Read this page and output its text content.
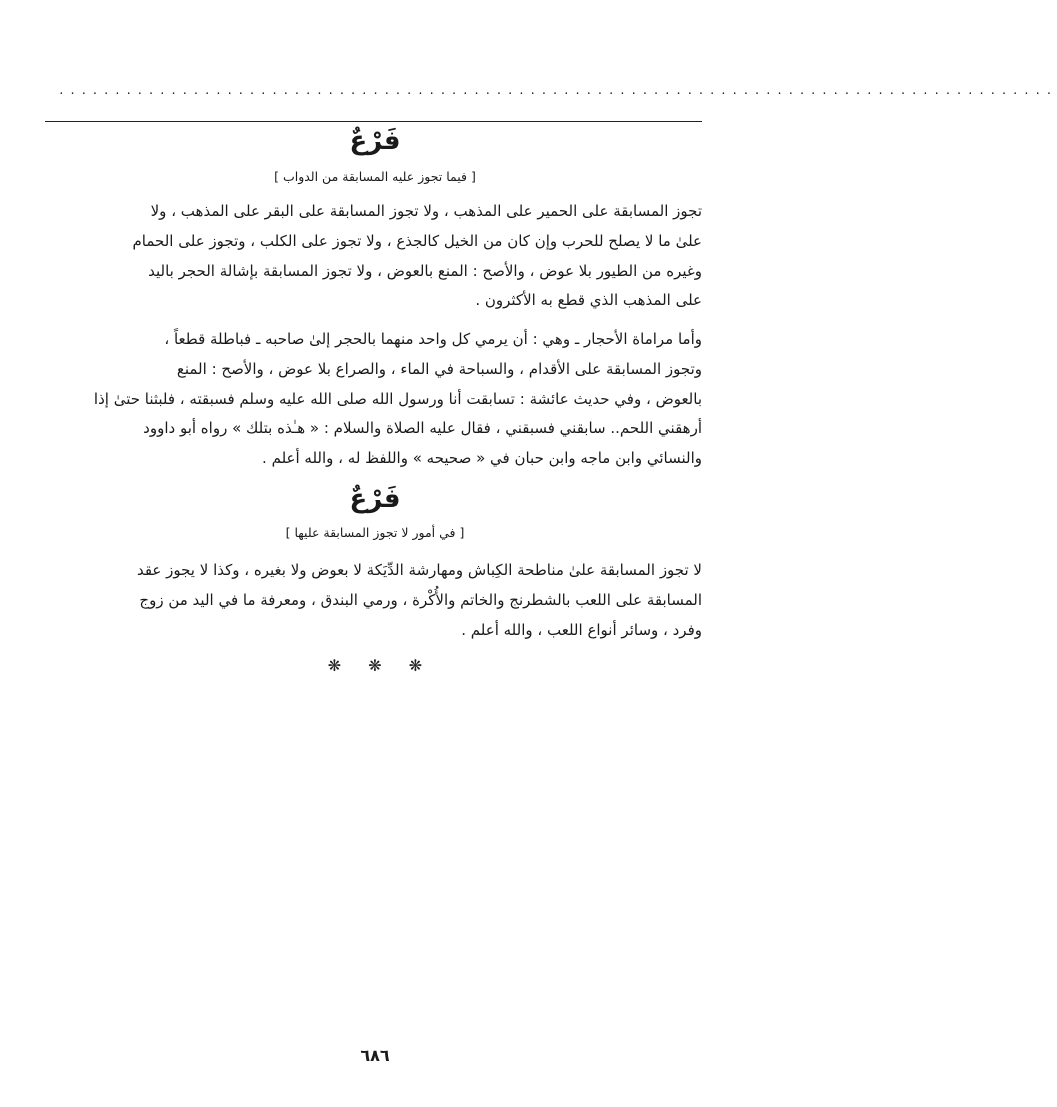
.........................................................................................
فَرْعٌ
[ فيما تجوز عليه المسابقة من الدواب ]
تجوز المسابقة على الحمير على المذهب ، ولا تجوز المسابقة على البقر على المذهب ، ولا
علىٰ ما لا يصلح للحرب وإن كان من الخيل كالجذع ، ولا تجوز على الكلب ، وتجوز على الحمام
وغيره من الطيور بلا عوض ، والأصح : المنع بالعوض ، ولا تجوز المسابقة بإشالة الحجر باليد
على المذهب الذي قطع به الأكثرون .
وأما مراماة الأحجار ـ وهي : أن يرمي كل واحد منهما بالحجر إلىٰ صاحبه ـ فباطلة قطعاً ،
وتجوز المسابقة على الأقدام ، والسباحة في الماء ، والصراع بلا عوض ، والأصح : المنع
بالعوض ، وفي حديث عائشة : تسابقت أنا ورسول الله صلى الله عليه وسلم فسبقته ، فلبثنا حتىٰ إذا
أرهقني اللحم.. سابقني فسبقني ، فقال عليه الصلاة والسلام : « هـٰذه بتلك » رواه أبو داوود
والنسائي وابن ماجه وابن حبان في « صحيحه » واللفظ له ، والله أعلم .
فَرْعٌ
[ في أمور لا تجوز المسابقة عليها ]
لا تجوز المسابقة علىٰ مناطحة الكِباش ومهارشة الدِّيَكة لا بعوض ولا بغيره ، وكذا لا يجوز عقد
المسابقة على اللعب بالشطرنج والخاتم والأُكْرة ، ورمي البندق ، ومعرفة ما في اليد من زوج
وفرد ، وسائر أنواع اللعب ، والله أعلم .
❋ ❋ ❋
٦٨٦
